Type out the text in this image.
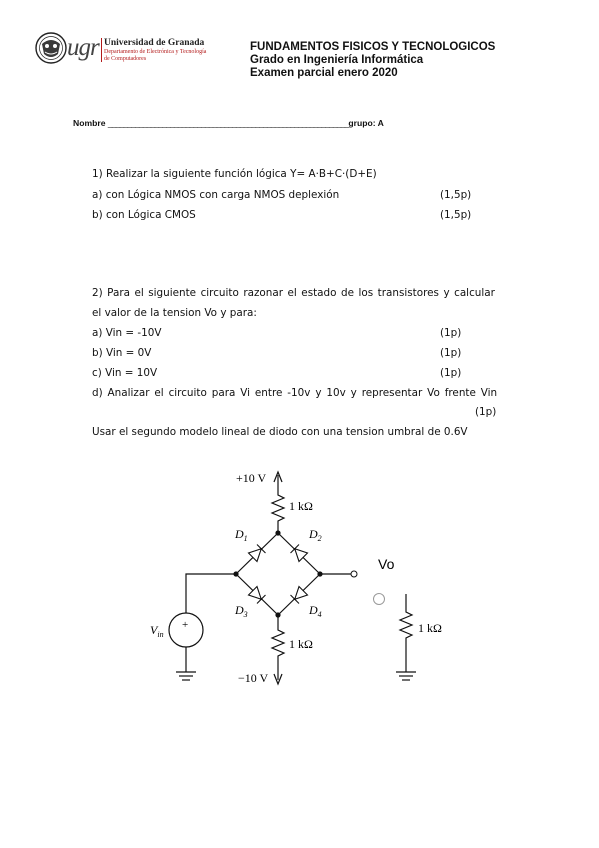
ugr Universidad de Granada
Departamento de Electrónica y Tecnología
de Computadores
FUNDAMENTOS FISICOS Y TECNOLOGICOS
Grado en Ingeniería Informática
Examen parcial enero 2020
Nombre ______________________________________________________________grupo: A
1) Realizar la siguiente función lógica Y= A·B+C·(D+E)
a) con Lógica NMOS con carga NMOS deplexión	(1,5p)
b) con Lógica CMOS	(1,5p)
2) Para el siguiente circuito razonar el estado de los transistores y calcular
el valor de la tension Vo y para:
a) Vin = -10V	(1p)
b) Vin = 0V	(1p)
c) Vin = 10V	(1p)
d) Analizar el circuito para Vi entre -10v y 10v y representar Vo frente Vin
(1p)
Usar el segundo modelo lineal de diodo con una tension umbral de 0.6V
+10 V
−10 V
1 kΩ
1 kΩ
1 kΩ
$D_1$	$D_2$
$D_3$	$D_4$
Vo
$V_{in}$
+
